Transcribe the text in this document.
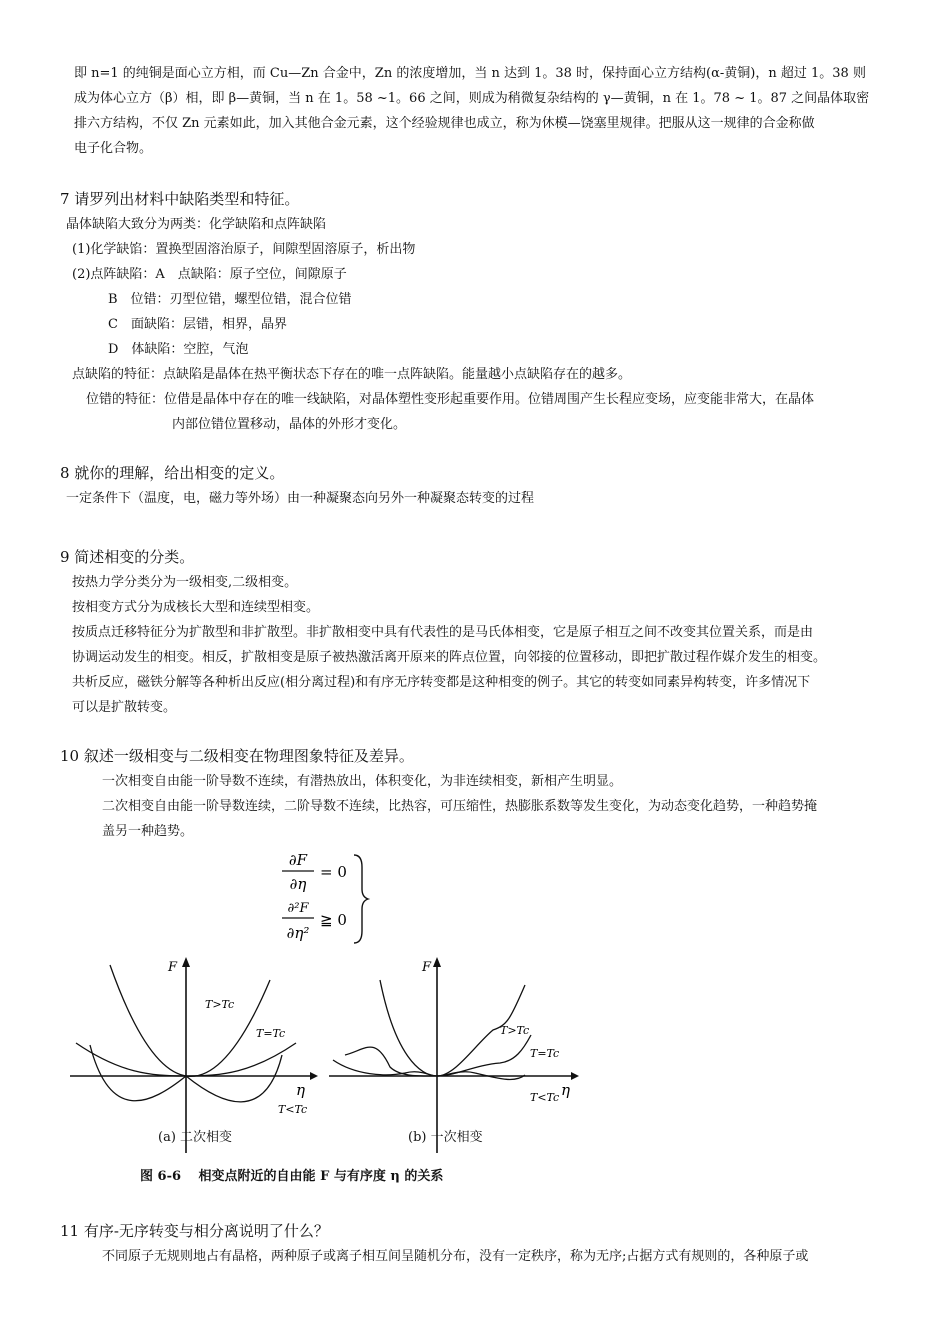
即 n=1 的纯铜是面心立方相，而 Cu—Zn 合金中，Zn 的浓度增加，当 n 达到 1。38 时，保持面心立方结构(α-黄铜)，n 超过 1。38 则
成为体心立方（β）相，即 β—黄铜，当 n 在 1。58 ~1。66 之间，则成为稍微复杂结构的 γ—黄铜，n 在 1。78 ~ 1。87 之间晶体取密
排六方结构，不仅 Zn 元素如此，加入其他合金元素，这个经验规律也成立，称为休模—饶塞里规律。把服从这一规律的合金称做
电子化合物。
7 请罗列出材料中缺陷类型和特征。
晶体缺陷大致分为两类：化学缺陷和点阵缺陷
(1)化学缺馅：置换型固溶治原子，间隙型固溶原子，析出物
(2)点阵缺陷：A　点缺陷：原子空位，间隙原子
B　位错：刃型位错，螺型位错，混合位错
C　面缺陷：层错，相界，晶界
D　体缺陷：空腔，气泡
点缺陷的特征：点缺陷是晶体在热平衡状态下存在的唯一点阵缺陷。能量越小点缺陷存在的越多。
位错的特征：位借是晶体中存在的唯一线缺陷，对晶体塑性变形起重要作用。位错周围产生长程应变场，应变能非常大，在晶体
内部位错位置移动，晶体的外形才变化。
8 就你的理解，给出相变的定义。
一定条件下（温度，电，磁力等外场）由一种凝聚态向另外一种凝聚态转变的过程
9 简述相变的分类。
按热力学分类分为一级相变,二级相变。
按相变方式分为成核长大型和连续型相变。
按质点迁移特征分为扩散型和非扩散型。非扩散相变中具有代表性的是马氏体相变，它是原子相互之间不改变其位置关系，而是由
协调运动发生的相变。相反，扩散相变是原子被热激活离开原来的阵点位置，向邻接的位置移动，即把扩散过程作媒介发生的相变。
共析反应，磁铁分解等各种析出反应(相分离过程)和有序无序转变都是这种相变的例子。其它的转变如同素异构转变，许多情况下
可以是扩散转变。
10 叙述一级相变与二级相变在物理图象特征及差异。
一次相变自由能一阶导数不连续，有潜热放出，体积变化，为非连续相变，新相产生明显。
二次相变自由能一阶导数连续，二阶导数不连续，比热容，可压缩性，热膨胀系数等发生变化，为动态变化趋势，一种趋势掩
盖另一种趋势。
∂F
∂η
= 0
∂²F
∂η²
≧ 0
F
η
T>Tc
T=Tc
T<Tc
F
η
T>Tc
T=Tc
T<Tc
(a) 二次相变	(b) 一次相变
图 6-6　 相变点附近的自由能 F 与有序度 η 的关系
11 有序-无序转变与相分离说明了什么？
不同原子无规则地占有晶格，两种原子或离子相互间呈随机分布，没有一定秩序，称为无序;占据方式有规则的，各种原子或
